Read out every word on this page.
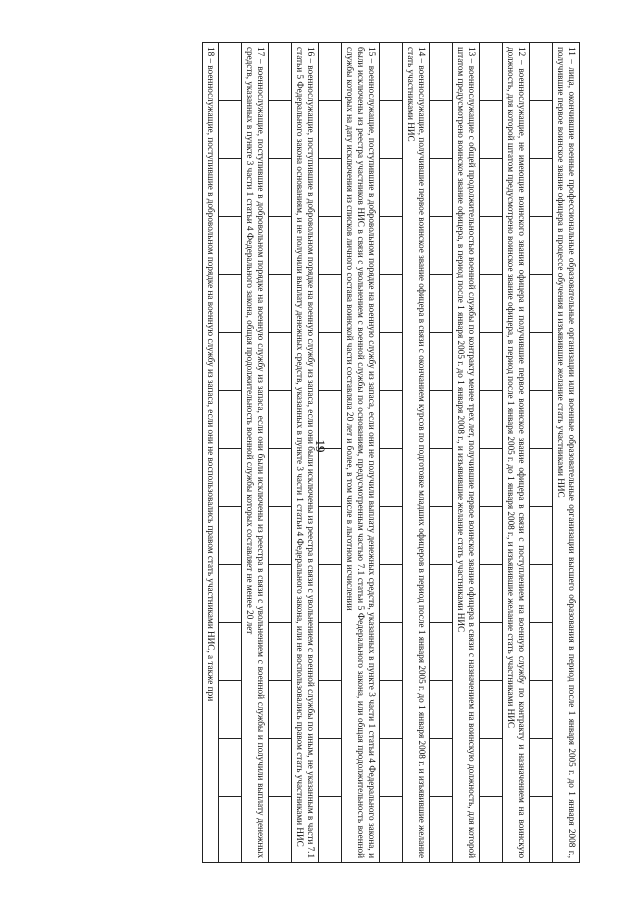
19	11 – лица, окончившие военные профессиональные образовательные организации или военные образовательные организации высшего образования в период после 1 января 2005 г. до 1 января 2008 г., получившие первое воинское звание офицера в процессе обучения и изъявившие желание стать участниками НИС													

12 – военнослужащие, не имеющие воинского звания офицера и получившие первое воинское звание офицера в связи с поступлением на военную службу по контракту и назначением на воинскую должность, для которой штатом предусмотрено воинское звание офицера, в период после 1 января 2005 г. до 1 января 2008 г., и изъявившие желание стать участниками НИС													

13 – военнослужащие с общей продолжительностью военной службы по контракту менее трех лет, получившие первое воинское звание офицера в связи с назначением на воинскую должность, для которой штатом предусмотрено воинское звание офицера, в период после 1 января 2005 г. до 1 января 2008 г., и изъявившие желание стать участниками НИС													

14 – военнослужащие, получившие первое воинское звание офицера в связи с окончанием курсов по подготовке младших офицеров в период после 1 января 2005 г. до 1 января 2008 г. и изъявившие желание стать участниками НИС													

15 – военнослужащие, поступившие в добровольном порядке на военную службу из запаса, если они не получили выплату денежных средств, указанных в пункте 3 части 1 статьи 4 Федерального закона, и были исключены из реестра участников НИС в связи с увольнением с военной службы по основаниям, предусмотренным частью 7.1 статьи 5 Федерального закона, или общая продолжительность военной службы которых на дату исключения из списков личного состава воинской части составляла 20 лет и более, в том числе в льготном исчислении													

16 – военнослужащие, поступившие в добровольном порядке на военную службу из запаса, если они были исключены из реестра в связи с увольнением с военной службы по иным, не указанным в части 7.1 статьи 5 Федерального закона основаниям, и не получили выплату денежных средств, указанных в пункте 3 части 1 статьи 4 Федерального закона, или не воспользовались правом стать участниками НИС													

17 – военнослужащие, поступившие в добровольном порядке на военную службу из запаса, если они были исключены из реестра в связи с увольнением с военной службы и получили выплату денежных средств, указанных в пункте 3 части 1 статьи 4 Федерального закона, общая продолжительность военной службы которых составляет не менее 20 лет													

18 – военнослужащие, поступившие в добровольном порядке на военную службу из запаса, если они не воспользовались правом стать участниками НИС, а также при													
